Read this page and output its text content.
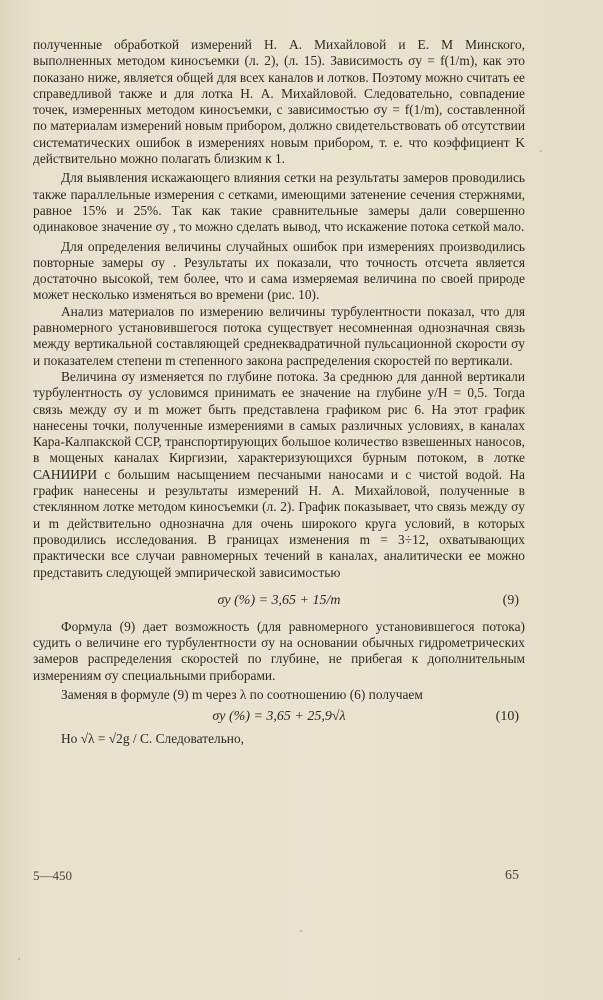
полученные обработкой измерений Н. А. Михайловой и Е. М Минского, выполненных методом киносъемки (л. 2), (л. 15). Зависимость σy = f(1/m), как это показано ниже, является общей для всех каналов и лотков. Поэтому можно считать ее справедливой также и для лотка Н. А. Михайловой. Следовательно, совпадение точек, измеренных методом киносъемки, с зависимостью σy = f(1/m), составленной по материалам измерений новым прибором, должно свидетельствовать об отсутствии систематических ошибок в измерениях новым прибором, т. е. что коэффициент K действительно можно полагать близким к 1.

Для выявления искажающего влияния сетки на результаты замеров проводились также параллельные измерения с сетками, имеющими затенение сечения стержнями, равное 15% и 25%. Так как такие сравнительные замеры дали совершенно одинаковое значение σy , то можно сделать вывод, что искажение потока сеткой мало.

Для определения величины случайных ошибок при измерениях производились повторные замеры σy . Результаты их показали, что точность отсчета является достаточно высокой, тем более, что и сама измеряемая величина по своей природе может несколько изменяться во времени (рис. 10).

Анализ материалов по измерению величины турбулентности показал, что для равномерного установившегося потока существует несомненная однозначная связь между вертикальной составляющей среднеквадратичной пульсационной скорости σy и показателем степени m степенного закона распределения скоростей по вертикали.

Величина σy изменяется по глубине потока. За среднюю для данной вертикали турбулентность σy условимся принимать ее значение на глубине y/H = 0,5. Тогда связь между σy и m может быть представлена графиком рис 6. На этот график нанесены точки, полученные измерениями в самых различных условиях, в каналах Кара-Калпакской ССР, транспортирующих большое количество взвешенных наносов, в мощеных каналах Киргизии, характеризующихся бурным потоком, в лотке САНИИРИ с большим насыщением песчаными наносами и с чистой водой. На график нанесены и результаты измерений Н. А. Михайловой, полученные в стеклянном лотке методом киносъемки (л. 2). График показывает, что связь между σy и m действительно однозначна для очень широкого круга условий, в которых проводились исследования. В границах изменения m = 3÷12, охватывающих практически все случаи равномерных течений в каналах, аналитически ее можно представить следующей эмпирической зависимостью

σy (%) = 3,65 + 15/m	(9)

Формула (9) дает возможность (для равномерного установившегося потока) судить о величине его турбулентности σy на основании обычных гидрометрических замеров распределения скоростей по глубине, не прибегая к дополнительным измерениям σy специальными приборами.

Заменяя в формуле (9) m через λ по соотношению (6) получаем

σy (%) = 3,65 + 25,9√λ	(10)

Но √λ = √2g / C. Следовательно,

5—450	65
